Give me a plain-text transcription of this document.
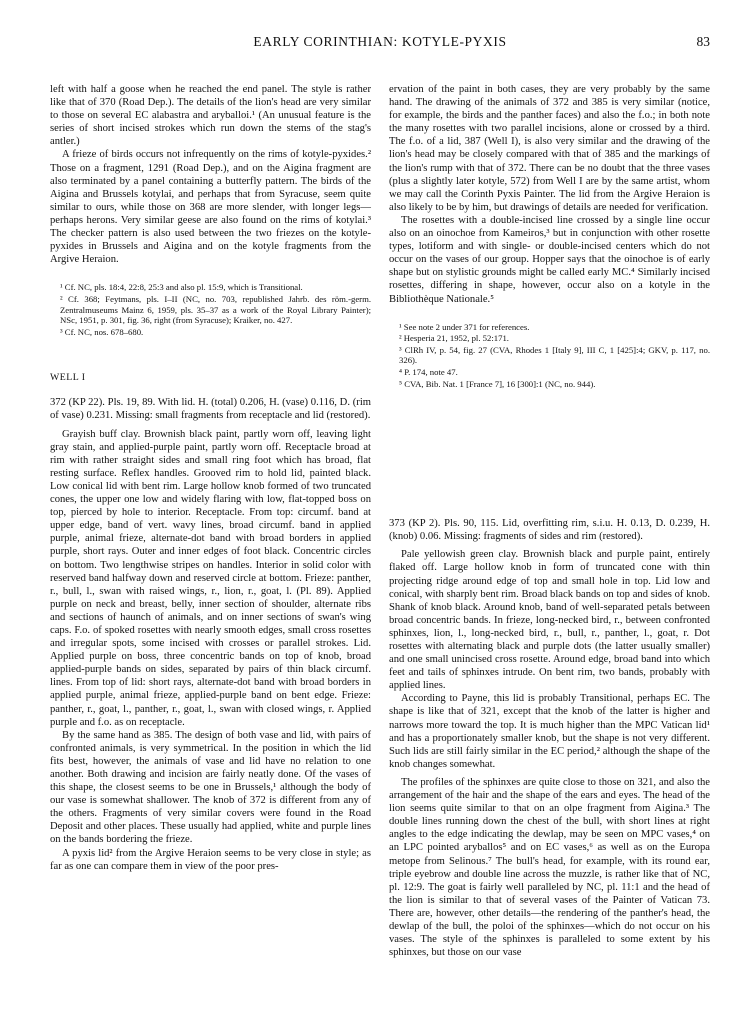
EARLY CORINTHIAN: KOTYLE-PYXIS	83

left with half a goose when he reached the end panel. The style is rather like that of 370 (Road Dep.). The details of the lion's head are very similar to those on several EC alabastra and aryballoi.¹ (An unusual feature is the series of short incised strokes which run down the stems of the stag's antler.)

A frieze of birds occurs not infrequently on the rims of kotyle-pyxides.² Those on a fragment, 1291 (Road Dep.), and on the Aigina fragment are also terminated by a panel containing a butterfly pattern. The birds of the Aigina and Brussels kotylai, and perhaps that from Syracuse, seem quite similar to ours, while those on 368 are more slender, with longer legs—perhaps herons. Very similar geese are also found on the rims of kotylai.³ The checker pattern is also used between the two friezes on the kotyle-pyxides in Brussels and Aigina and on the kotyle fragments from the Argive Heraion.

¹ Cf. NC, pls. 18:4, 22:8, 25:3 and also pl. 15:9, which is Transitional.

² Cf. 368; Feytmans, pls. I–II (NC, no. 703, republished Jahrb. des röm.-germ. Zentralmuseums Mainz 6, 1959, pls. 35–37 as a work of the Royal Library Painter); NSc, 1951, p. 301, fig. 36, right (from Syracuse); Kraiker, no. 427.

³ Cf. NC, nos. 678–680.

WELL I

372 (KP 22). Pls. 19, 89. With lid. H. (total) 0.206, H. (vase) 0.116, D. (rim of vase) 0.231. Missing: small fragments from receptacle and lid (restored).

Grayish buff clay. Brownish black paint, partly worn off, leaving light gray stain, and applied-purple paint, partly worn off. Receptacle broad at rim with rather straight sides and small ring foot which has broad, flat resting surface. Reflex handles. Grooved rim to hold lid, painted black. Low conical lid with bent rim. Large hollow knob formed of two truncated cones, the upper one low and widely flaring with low, flat-topped boss on top, pierced by hole to interior. Receptacle. From top: circumf. band at upper edge, band of vert. wavy lines, broad circumf. band in applied purple, animal frieze, alternate-dot band with broad borders in applied purple, short rays. Outer and inner edges of foot black. Concentric circles on bottom. Two lengthwise stripes on handles. Interior in solid color with reserved band halfway down and reserved circle at bottom. Frieze: panther, r., bull, l., swan with raised wings, r., lion, r., goat, l. (Pl. 89). Applied purple on neck and breast, belly, inner section of shoulder, alternate ribs and sections of haunch of animals, and on inner sections of swan's wing caps. F.o. of spoked rosettes with nearly smooth edges, small cross rosettes and irregular spots, some incised with crosses or parallel strokes. Lid. Applied purple on boss, three concentric bands on top of knob, broad applied-purple bands on sides, separated by pairs of thin black circumf. lines. From top of lid: short rays, alternate-dot band with broad borders in applied purple, animal frieze, applied-purple band on bent edge. Frieze: panther, r., goat, l., panther, r., goat, l., swan with closed wings, r. Applied purple and f.o. as on receptacle.

By the same hand as 385. The design of both vase and lid, with pairs of confronted animals, is very symmetrical. In the position in which the lid fits best, however, the animals of vase and lid have no relation to one another. Both drawing and incision are fairly neatly done. Of the vases of this shape, the closest seems to be one in Brussels,¹ although the body of our vase is somewhat shallower. The knob of 372 is different from any of the others. Fragments of very similar covers were found in the Road Deposit and other places. These usually had applied, white and purple lines on the bands bordering the frieze.

A pyxis lid² from the Argive Heraion seems to be very close in style; as far as one can compare them in view of the poor pres-

ervation of the paint in both cases, they are very probably by the same hand. The drawing of the animals of 372 and 385 is very similar (notice, for example, the birds and the panther faces) and also the f.o.; in both note the many rosettes with two parallel incisions, alone or crossed by a third. The f.o. of a lid, 387 (Well I), is also very similar and the drawing of the lion's head may be closely compared with that of 385 and the markings of the lion's rump with that of 372. There can be no doubt that the three vases (plus a slightly later kotyle, 572) from Well I are by the same artist, whom we may call the Corinth Pyxis Painter. The lid from the Argive Heraion is also likely to be by him, but drawings of details are needed for verification.

The rosettes with a double-incised line crossed by a single line occur also on an oinochoe from Kameiros,³ but in conjunction with other rosette types, lotiform and with single- or double-incised centers which do not occur on the vases of our group. Hopper says that the oinochoe is of early shape but on stylistic grounds might be called early MC.⁴ Similarly incised rosettes, differing in shape, however, occur also on a kotyle in the Bibliothèque Nationale.⁵

¹ See note 2 under 371 for references.

² Hesperia 21, 1952, pl. 52:171.

³ ClRh IV, p. 54, fig. 27 (CVA, Rhodes 1 [Italy 9], III C, 1 [425]:4; GKV, p. 117, no. 326).

⁴ P. 174, note 47.

⁵ CVA, Bib. Nat. 1 [France 7], 16 [300]:1 (NC, no. 944).

373 (KP 2). Pls. 90, 115. Lid, overfitting rim, s.i.u. H. 0.13, D. 0.239, H. (knob) 0.06. Missing: fragments of sides and rim (restored).

Pale yellowish green clay. Brownish black and purple paint, entirely flaked off. Large hollow knob in form of truncated cone with thin projecting ridge around edge of top and small hole in top. Lid low and conical, with sharply bent rim. Broad black bands on top and sides of knob. Shank of knob black. Around knob, band of well-separated petals between broad concentric bands. In frieze, long-necked bird, r., between confronted sphinxes, lion, l., long-necked bird, r., bull, r., panther, l., goat, r. Dot rosettes with alternating black and purple dots (the latter usually smaller) and one small unincised cross rosette. Around edge, broad band into which feet and tails of sphinxes intrude. On bent rim, two bands, probably with applied lines.

According to Payne, this lid is probably Transitional, perhaps EC. The shape is like that of 321, except that the knob of the latter is higher and narrows more toward the top. It is much higher than the MPC Vatican lid¹ and has a proportionately smaller knob, but the shape is not very different. Such lids are still fairly similar in the EC period,² although the shape of the knob changes somewhat.

The profiles of the sphinxes are quite close to those on 321, and also the arrangement of the hair and the shape of the ears and eyes. The head of the lion seems quite similar to that on an olpe fragment from Aigina.³ The double lines running down the chest of the bull, with short lines at right angles to the edge indicating the dewlap, may be seen on MPC vases,⁴ on an LPC pointed aryballos⁵ and on EC vases,⁶ as well as on the Europa metope from Selinous.⁷ The bull's head, for example, with its round ear, triple eyebrow and double line across the muzzle, is rather like that of NC, pl. 12:9. The goat is fairly well paralleled by NC, pl. 11:1 and the head of the lion is similar to that of several vases of the Painter of Vatican 73. There are, however, other details—the rendering of the panther's head, the dewlap of the bull, the poloi of the sphinxes—which do not occur on his vases. The style of the sphinxes is paralleled to some extent by his sphinxes, but those on our vase
